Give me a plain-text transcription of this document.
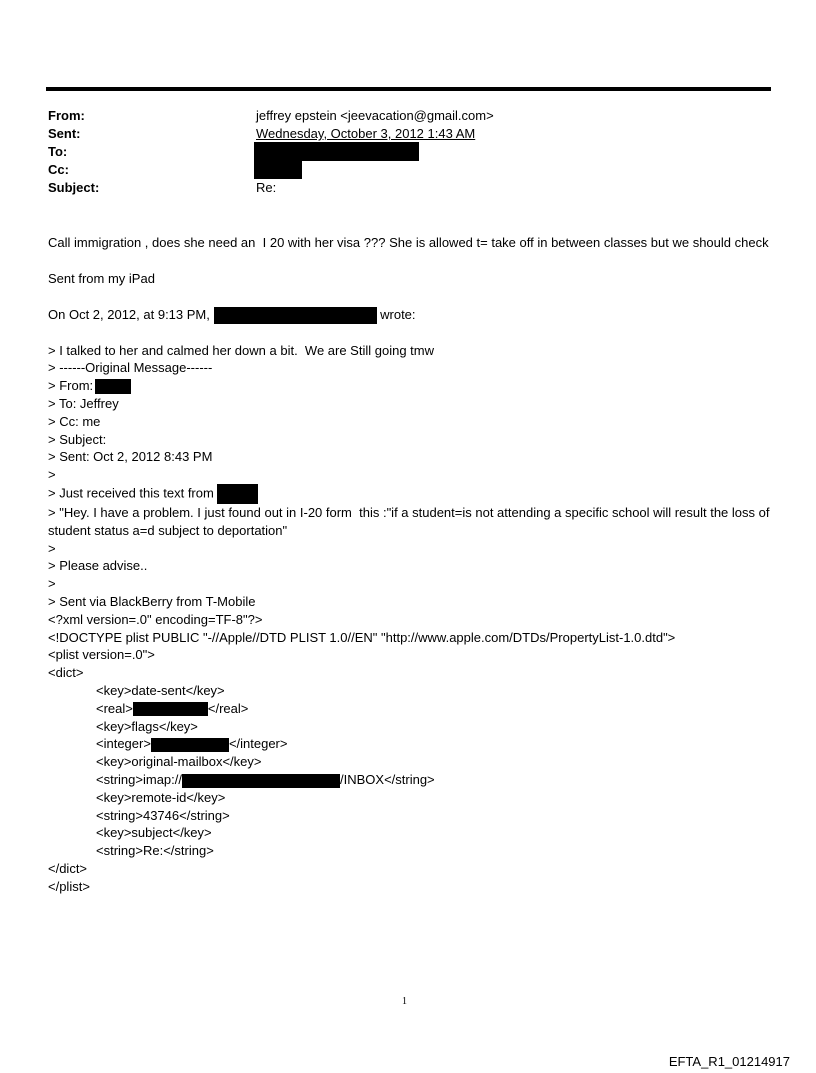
From:	jeffrey epstein <jeevacation@gmail.com>
Sent:	Wednesday, October 3, 2012 1:43 AM
To:
Cc:
Subject:	Re:

Call immigration , does she need an  I 20 with her visa ??? She is allowed t= take off in between classes but we should check

Sent from my iPad

On Oct 2, 2012, at 9:13 PM,	wrote:

> I talked to her and calmed her down a bit.  We are Still going tmw

> ------Original Message------

> From:

> To: Jeffrey

> Cc: me

> Subject:

> Sent: Oct 2, 2012 8:43 PM

>

> Just received this text from

> "Hey. I have a problem. I just found out in I-20 form  this :"if a student=is not attending a specific school will result the loss of student status a=d subject to deportation"

>

> Please advise..

>

> Sent via BlackBerry from T-Mobile

<?xml version=.0" encoding=TF-8"?>

<!DOCTYPE plist PUBLIC "-//Apple//DTD PLIST 1.0//EN" "http://www.apple.com/DTDs/PropertyList-1.0.dtd">

<plist version=.0">

<dict>

<key>date-sent</key>

<real>	</real>

<key>flags</key>

<integer>	</integer>

<key>original-mailbox</key>

<string>imap://	/INBOX</string>

<key>remote-id</key>

<string>43746</string>

<key>subject</key>

<string>Re:</string>

</dict>

</plist>

1
EFTA_R1_01214917
